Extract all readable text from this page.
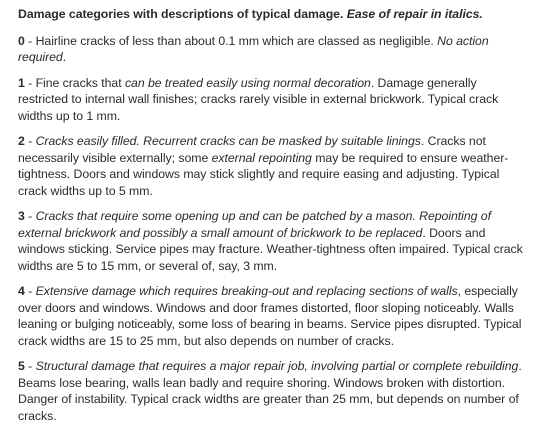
Damage categories with descriptions of typical damage. Ease of repair in italics.

0 - Hairline cracks of less than about 0.1 mm which are classed as negligible. No action required.

1 - Fine cracks that can be treated easily using normal decoration. Damage generally restricted to internal wall finishes; cracks rarely visible in external brickwork. Typical crack widths up to 1 mm.

2 - Cracks easily filled. Recurrent cracks can be masked by suitable linings. Cracks not necessarily visible externally; some external repointing may be required to ensure weather-tightness. Doors and windows may stick slightly and require easing and adjusting. Typical crack widths up to 5 mm.

3 - Cracks that require some opening up and can be patched by a mason. Repointing of external brickwork and possibly a small amount of brickwork to be replaced. Doors and windows sticking. Service pipes may fracture. Weather-tightness often impaired. Typical crack widths are 5 to 15 mm, or several of, say, 3 mm.

4 - Extensive damage which requires breaking-out and replacing sections of walls, especially over doors and windows. Windows and door frames distorted, floor sloping noticeably. Walls leaning or bulging noticeably, some loss of bearing in beams. Service pipes disrupted. Typical crack widths are 15 to 25 mm, but also depends on number of cracks.

5 - Structural damage that requires a major repair job, involving partial or complete rebuilding. Beams lose bearing, walls lean badly and require shoring. Windows broken with distortion. Danger of instability. Typical crack widths are greater than 25 mm, but depends on number of cracks.
